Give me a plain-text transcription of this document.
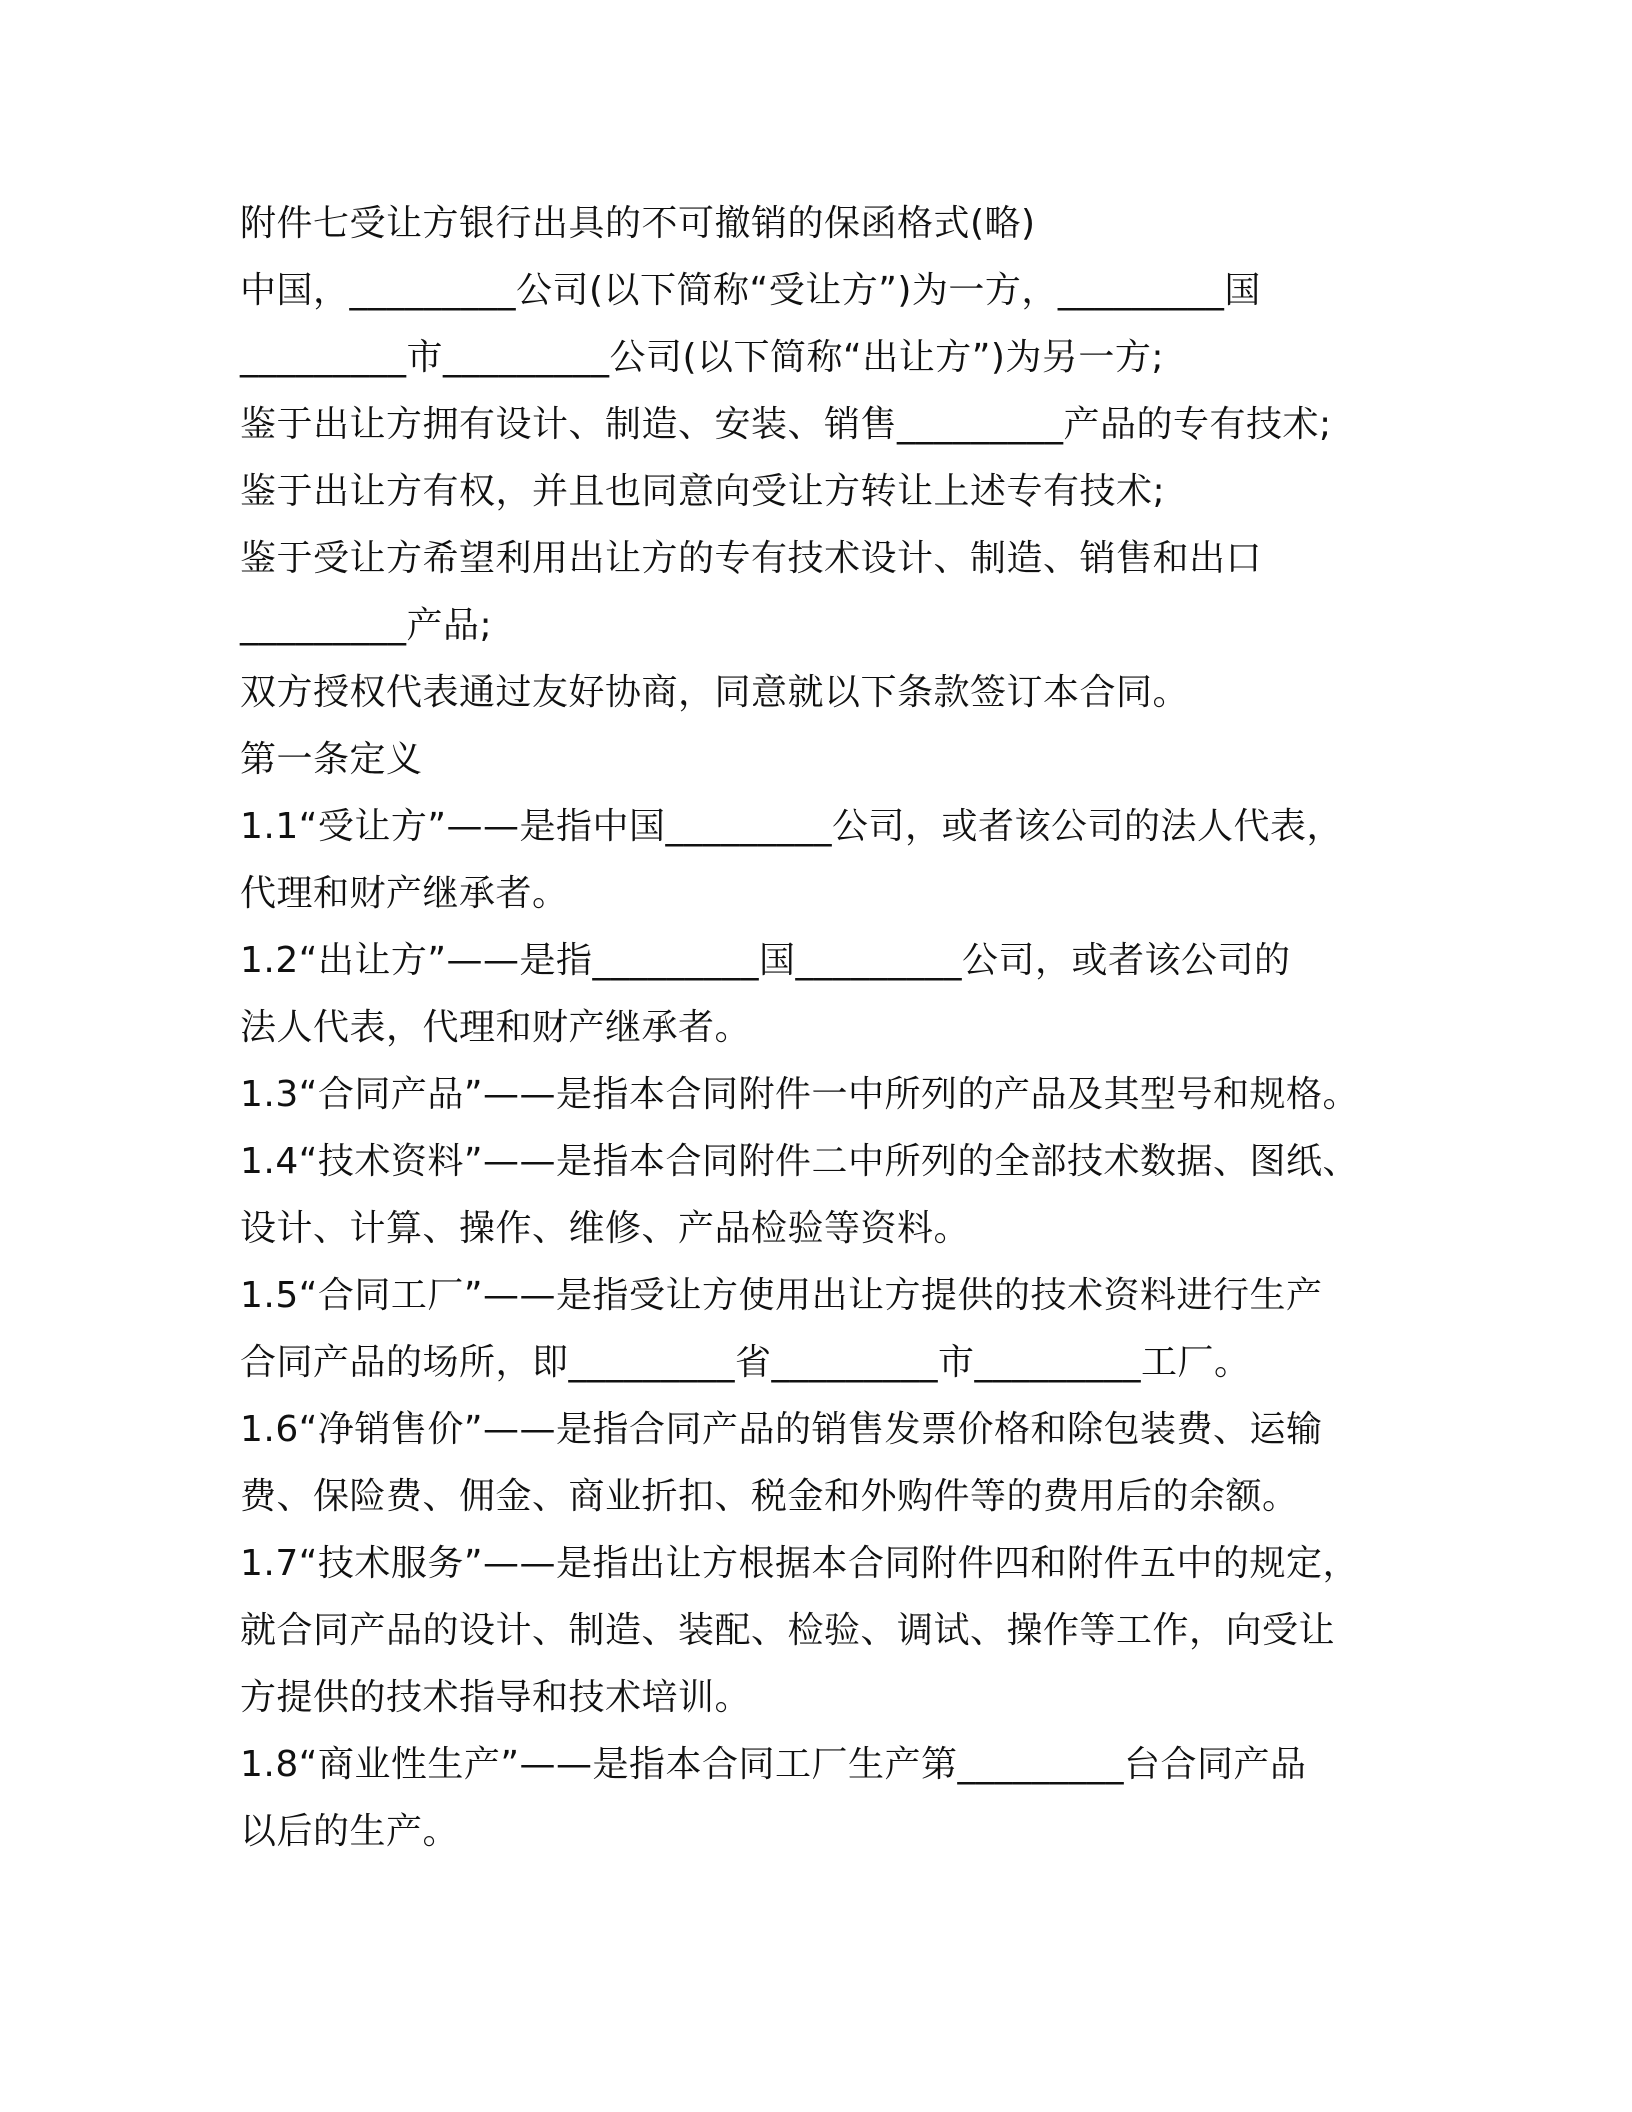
附件七受让方银行出具的不可撤销的保函格式(略)
中国，_________公司(以下简称“受让方”)为一方，_________国
_________市_________公司(以下简称“出让方”)为另一方;
鉴于出让方拥有设计、制造、安装、销售_________产品的专有技术;
鉴于出让方有权，并且也同意向受让方转让上述专有技术;
鉴于受让方希望利用出让方的专有技术设计、制造、销售和出口
_________产品;
双方授权代表通过友好协商，同意就以下条款签订本合同。
第一条定义
1.1“受让方”——是指中国_________公司，或者该公司的法人代表，
代理和财产继承者。
1.2“出让方”——是指_________国_________公司，或者该公司的
法人代表，代理和财产继承者。
1.3“合同产品”——是指本合同附件一中所列的产品及其型号和规格。
1.4“技术资料”——是指本合同附件二中所列的全部技术数据、图纸、
设计、计算、操作、维修、产品检验等资料。
1.5“合同工厂”——是指受让方使用出让方提供的技术资料进行生产
合同产品的场所，即_________省_________市_________工厂。
1.6“净销售价”——是指合同产品的销售发票价格和除包装费、运输
费、保险费、佣金、商业折扣、税金和外购件等的费用后的余额。
1.7“技术服务”——是指出让方根据本合同附件四和附件五中的规定，
就合同产品的设计、制造、装配、检验、调试、操作等工作，向受让
方提供的技术指导和技术培训。
1.8“商业性生产”——是指本合同工厂生产第_________台合同产品
以后的生产。
